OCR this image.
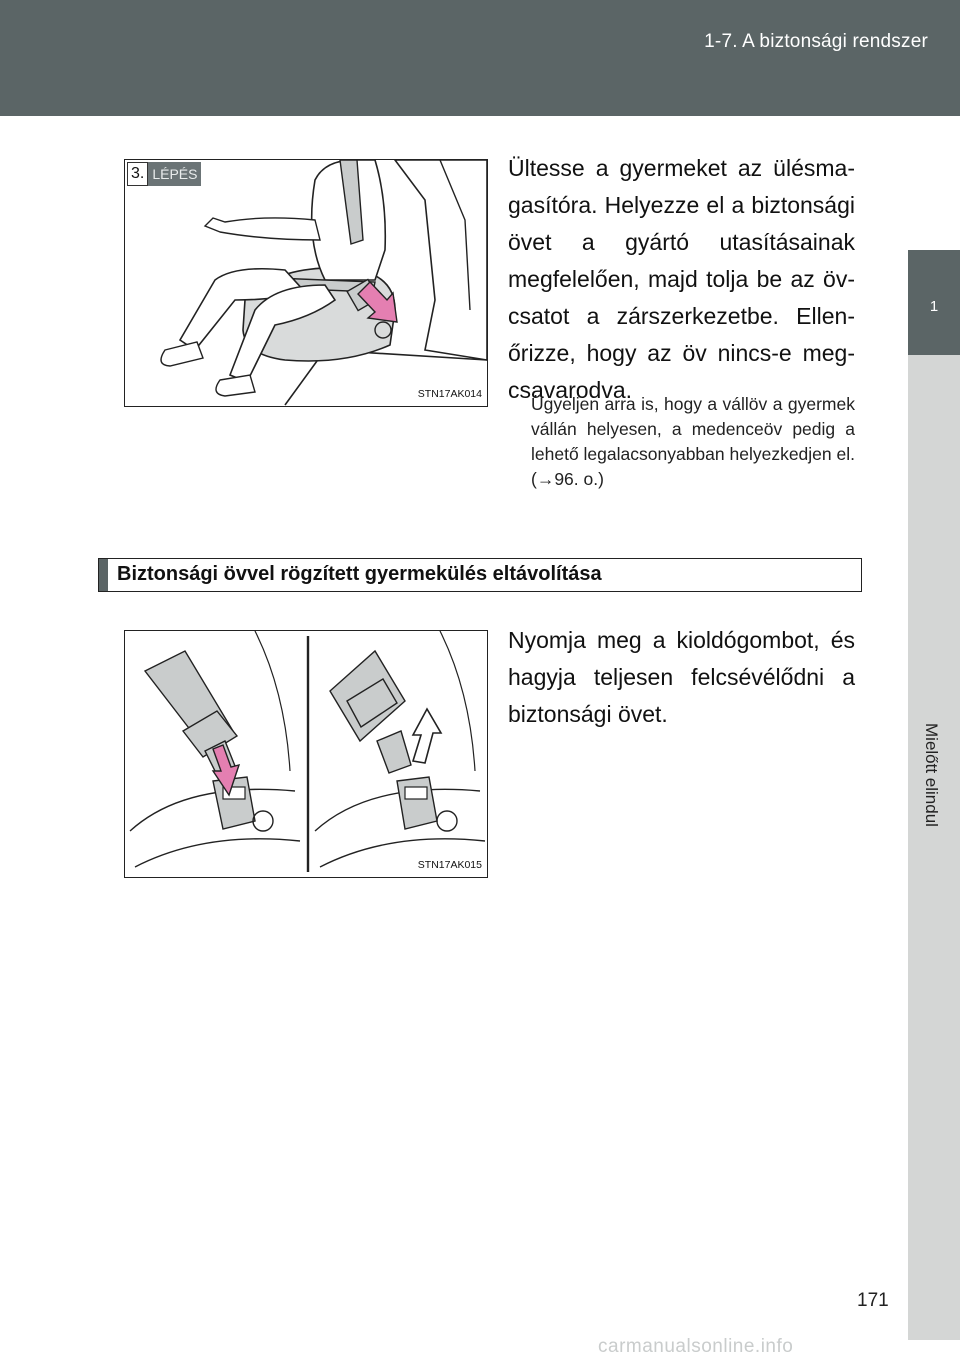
1-7. A biztonsági rendszer
1
Mielőtt elindul
3. LÉPÉS
STN17AK014

Ültesse a gyermeket az ülésmagasítóra. Helyezze el a biztonsági övet a gyártó utasításainak megfelelően, majd tolja be az övcsatot a zárszerkezetbe. Ellenőrizze, hogy az öv nincs-e megcsavarodva.

Ügyeljen arra is, hogy a vállöv a gyermek vállán helyesen, a medenceöv pedig a lehető legalacsonyabban helyezkedjen el.
(→96. o.)
Biztonsági övvel rögzített gyermekülés eltávolítása
STN17AK015

Nyomja meg a kioldógombot, és hagyja teljesen felcsévélődni a biztonsági övet.

171
carmanualsonline.info
